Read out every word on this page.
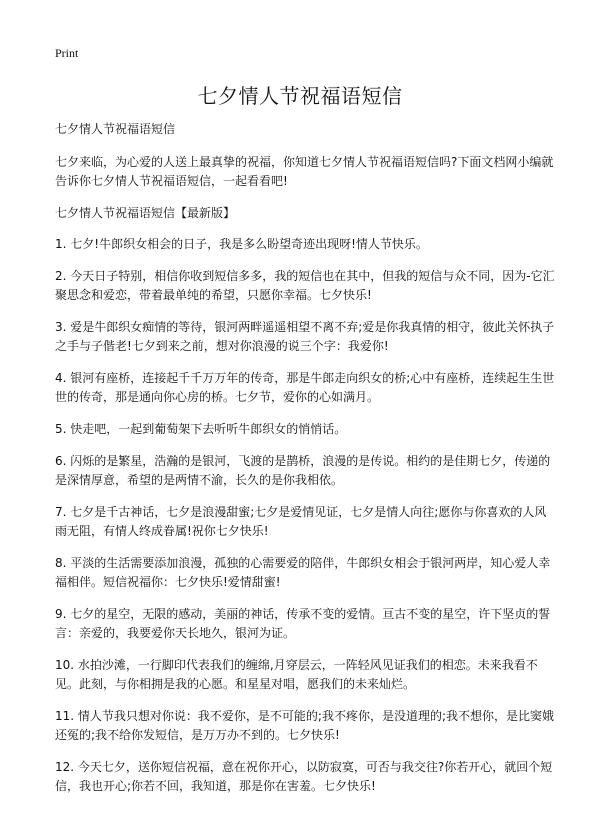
Print
七夕情人节祝福语短信

七夕情人节祝福语短信

七夕来临，为心爱的人送上最真挚的祝福，你知道七夕情人节祝福语短信吗?下面文档网小编就告诉你七夕情人节祝福语短信，一起看看吧!

七夕情人节祝福语短信【最新版】

1. 七夕!牛郎织女相会的日子，我是多么盼望奇迹出现呀!情人节快乐。

2. 今天日子特别，相信你收到短信多多，我的短信也在其中，但我的短信与众不同，因为-它汇聚思念和爱恋，带着最单纯的希望，只愿你幸福。七夕快乐!

3. 爱是牛郎织女痴情的等待，银河两畔遥遥相望不离不弃;爱是你我真情的相守，彼此关怀执子之手与子偕老!七夕到来之前，想对你浪漫的说三个字：我爱你!

4. 银河有座桥，连接起千千万万年的传奇，那是牛郎走向织女的桥;心中有座桥，连续起生生世世的传奇，那是通向你心房的桥。七夕节，爱你的心如满月。

5. 快走吧，一起到葡萄架下去听听牛郎织女的悄悄话。

6. 闪烁的是繁星，浩瀚的是银河，飞渡的是鹊桥，浪漫的是传说。相约的是佳期七夕，传递的是深情厚意，希望的是两情不渝，长久的是你我相依。

7. 七夕是千古神话，七夕是浪漫甜蜜;七夕是爱情见证，七夕是情人向往;愿你与你喜欢的人风雨无阻，有情人终成眷属!祝你七夕快乐!

8. 平淡的生活需要添加浪漫，孤独的心需要爱的陪伴，牛郎织女相会于银河两岸，知心爱人幸福相伴。短信祝福你：七夕快乐!爱情甜蜜!

9. 七夕的星空，无限的感动，美丽的神话，传承不变的爱情。亘古不变的星空，许下坚贞的誓言：亲爱的，我要爱你天长地久，银河为证。

10. 水拍沙滩，一行脚印代表我们的缠绵,月穿层云，一阵轻风见证我们的相恋。未来我看不见。此刻，与你相拥是我的心愿。和星星对唱，愿我们的未来灿烂。

11. 情人节我只想对你说：我不爱你，是不可能的;我不疼你，是没道理的;我不想你，是比窦娥还冤的;我不给你发短信，是万万办不到的。七夕快乐!

12. 今天七夕，送你短信祝福，意在祝你开心，以防寂寞，可否与我交往?你若开心，就回个短信，我也开心;你若不回，我知道，那是你在害羞。七夕快乐!
